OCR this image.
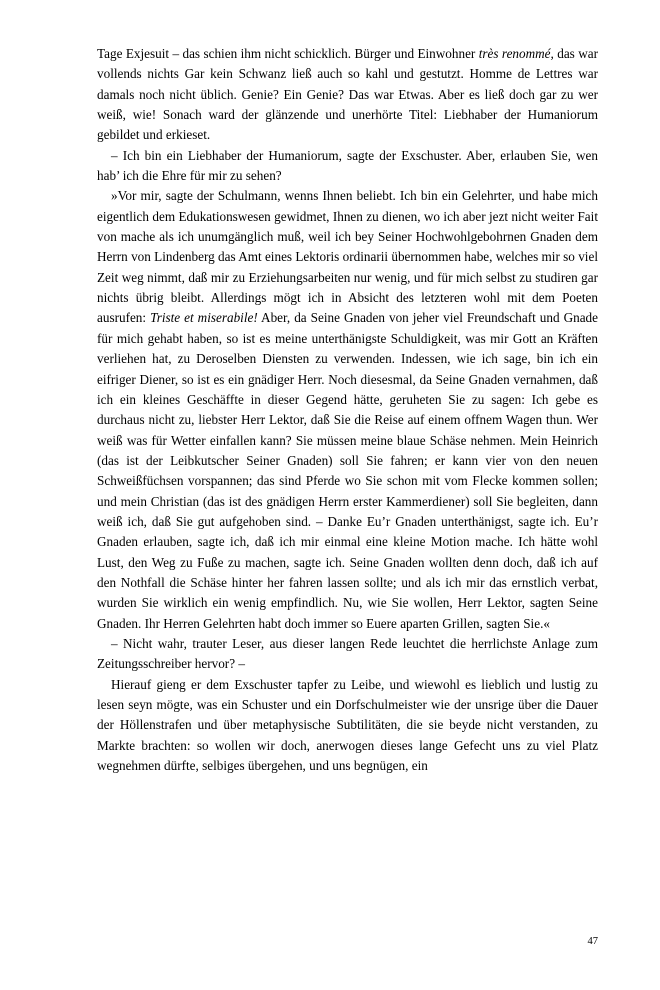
Tage Exjesuit – das schien ihm nicht schicklich. Bürger und Einwohner très renommé, das war vollends nichts Gar kein Schwanz ließ auch so kahl und gestutzt. Homme de Lettres war damals noch nicht üblich. Genie? Ein Genie? Das war Etwas. Aber es ließ doch gar zu wer weiß, wie! Sonach ward der glänzende und unerhörte Titel: Liebhaber der Humaniorum gebildet und erkieset.

– Ich bin ein Liebhaber der Humaniorum, sagte der Exschuster. Aber, erlauben Sie, wen hab’ ich die Ehre für mir zu sehen?

»Vor mir, sagte der Schulmann, wenns Ihnen beliebt. Ich bin ein Gelehrter, und habe mich eigentlich dem Edukationswesen gewidmet, Ihnen zu dienen, wo ich aber jezt nicht weiter Fait von mache als ich unumgänglich muß, weil ich bey Seiner Hochwohlgebohrnen Gnaden dem Herrn von Lindenberg das Amt eines Lektoris ordinarii übernommen habe, welches mir so viel Zeit weg nimmt, daß mir zu Erziehungsarbeiten nur wenig, und für mich selbst zu studiren gar nichts übrig bleibt. Allerdings mögt ich in Absicht des letzteren wohl mit dem Poeten ausrufen: Triste et miserabile! Aber, da Seine Gnaden von jeher viel Freundschaft und Gnade für mich gehabt haben, so ist es meine unterthänigste Schuldigkeit, was mir Gott an Kräften verliehen hat, zu Deroselben Diensten zu verwenden. Indessen, wie ich sage, bin ich ein eifriger Diener, so ist es ein gnädiger Herr. Noch diesesmal, da Seine Gnaden vernahmen, daß ich ein kleines Geschäffte in dieser Gegend hätte, geruheten Sie zu sagen: Ich gebe es durchaus nicht zu, liebster Herr Lektor, daß Sie die Reise auf einem offnem Wagen thun. Wer weiß was für Wetter einfallen kann? Sie müssen meine blaue Schäse nehmen. Mein Heinrich (das ist der Leibkutscher Seiner Gnaden) soll Sie fahren; er kann vier von den neuen Schweißfüchsen vorspannen; das sind Pferde wo Sie schon mit vom Flecke kommen sollen; und mein Christian (das ist des gnädigen Herrn erster Kammerdiener) soll Sie begleiten, dann weiß ich, daß Sie gut aufgehoben sind. – Danke Eu’r Gnaden unterthänigst, sagte ich. Eu’r Gnaden erlauben, sagte ich, daß ich mir einmal eine kleine Motion mache. Ich hätte wohl Lust, den Weg zu Fuße zu machen, sagte ich. Seine Gnaden wollten denn doch, daß ich auf den Nothfall die Schäse hinter her fahren lassen sollte; und als ich mir das ernstlich verbat, wurden Sie wirklich ein wenig empfindlich. Nu, wie Sie wollen, Herr Lektor, sagten Seine Gnaden. Ihr Herren Gelehrten habt doch immer so Euere aparten Grillen, sagten Sie.«

– Nicht wahr, trauter Leser, aus dieser langen Rede leuchtet die herrlichste Anlage zum Zeitungsschreiber hervor? –

Hierauf gieng er dem Exschuster tapfer zu Leibe, und wiewohl es lieblich und lustig zu lesen seyn mögte, was ein Schuster und ein Dorfschulmeister wie der unsrige über die Dauer der Höllenstrafen und über metaphysische Subtilitäten, die sie beyde nicht verstanden, zu Markte brachten: so wollen wir doch, anerwogen dieses lange Gefecht uns zu viel Platz wegnehmen dürfte, selbiges übergehen, und uns begnügen, ein

47
